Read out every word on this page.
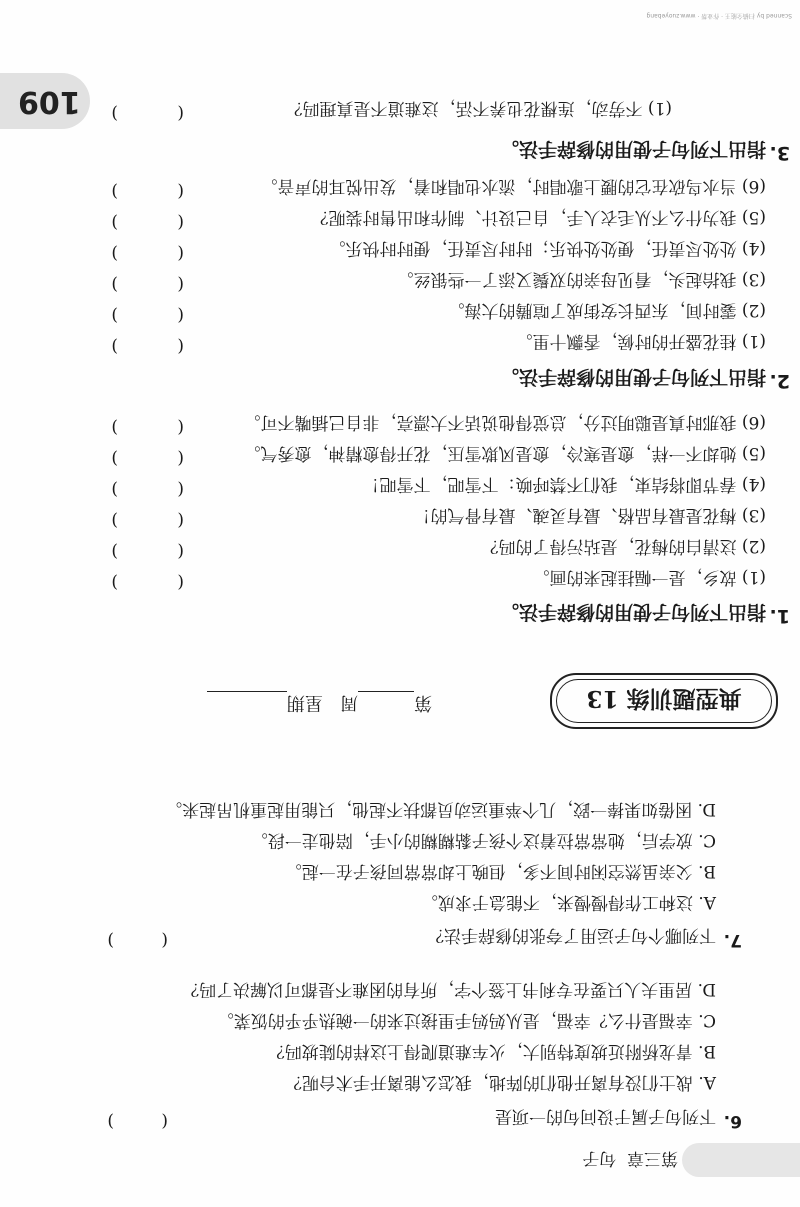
109
3.
指出下列句子使用的修辞手法。
(1) 不劳动，连棵花也养不活，这难道不是真理吗？
(
)
(6) 当水鸟砍在它的腰上歌唱时，流水也唱和着，发出悦耳的声音。
(
)
(5) 我为什么不从毛衣人手，自己设计、制作和出售时装呢？
(
)
(4) 处处尽责任，便处处快乐；时时尽责任，便时时快乐。
(
)
(3) 我抬起头，看见母亲的双鬓又添了一些银丝。
(
)
(2) 霎时间，东西长安街成了喧腾的大海。
(
)
(1) 桂花盛开的时候，香飘十里。
(
)
2.
指出下列句子使用的修辞手法。
(6) 我那时真是聪明过分，总觉得他说话不大漂亮，非自己插嘴不可。
(
)
(5) 她却不一样，愈是寒冷，愈是风欺雪压，花开得愈精神，愈秀气。
(
)
(4) 春节即将结束，我们不禁呼唤：下雪吧，下雪吧！
(
)
(3) 梅花是最有品格、最有灵魂、最有骨气的！
(
)
(2) 这清白的梅花，是玷污得了的吗？
(
)
(1) 故乡，是一幅挂起来的画。
(
)
1.
指出下列句子使用的修辞手法。
典型题训练 13
第周   星期
D. 困倦如果捧一跤，几个举重运动员都扶不起他，只能用起重机吊起来。
C. 放学后，她常常拉着这个孩子黏糊糊的小手，陪他走一段。
B. 父亲虽然空闲时间不多，但晚上却常常同孩子在一起。
A. 这种工作得慢慢来，不能急于求成。
7.
下列哪个句子运用了夸张的修辞手法？
(
)
D. 居里夫人只要在专利书上签个字，所有的困难不是都可以解决了吗？
C. 幸福是什么？幸福，是从妈妈手里接过来的一碗热乎乎的饭菜。
B. 青龙桥附近坡度特别大，火车难道爬得上这样的陡坡吗？
A. 战士们没有离开他们的阵地，我怎么能离开手术台呢？
6.
下列句子属于设问句的一项是
(
)
第三章  句子
Scanned by 扫描全能王 · 作业帮 · www.zuoyebang
